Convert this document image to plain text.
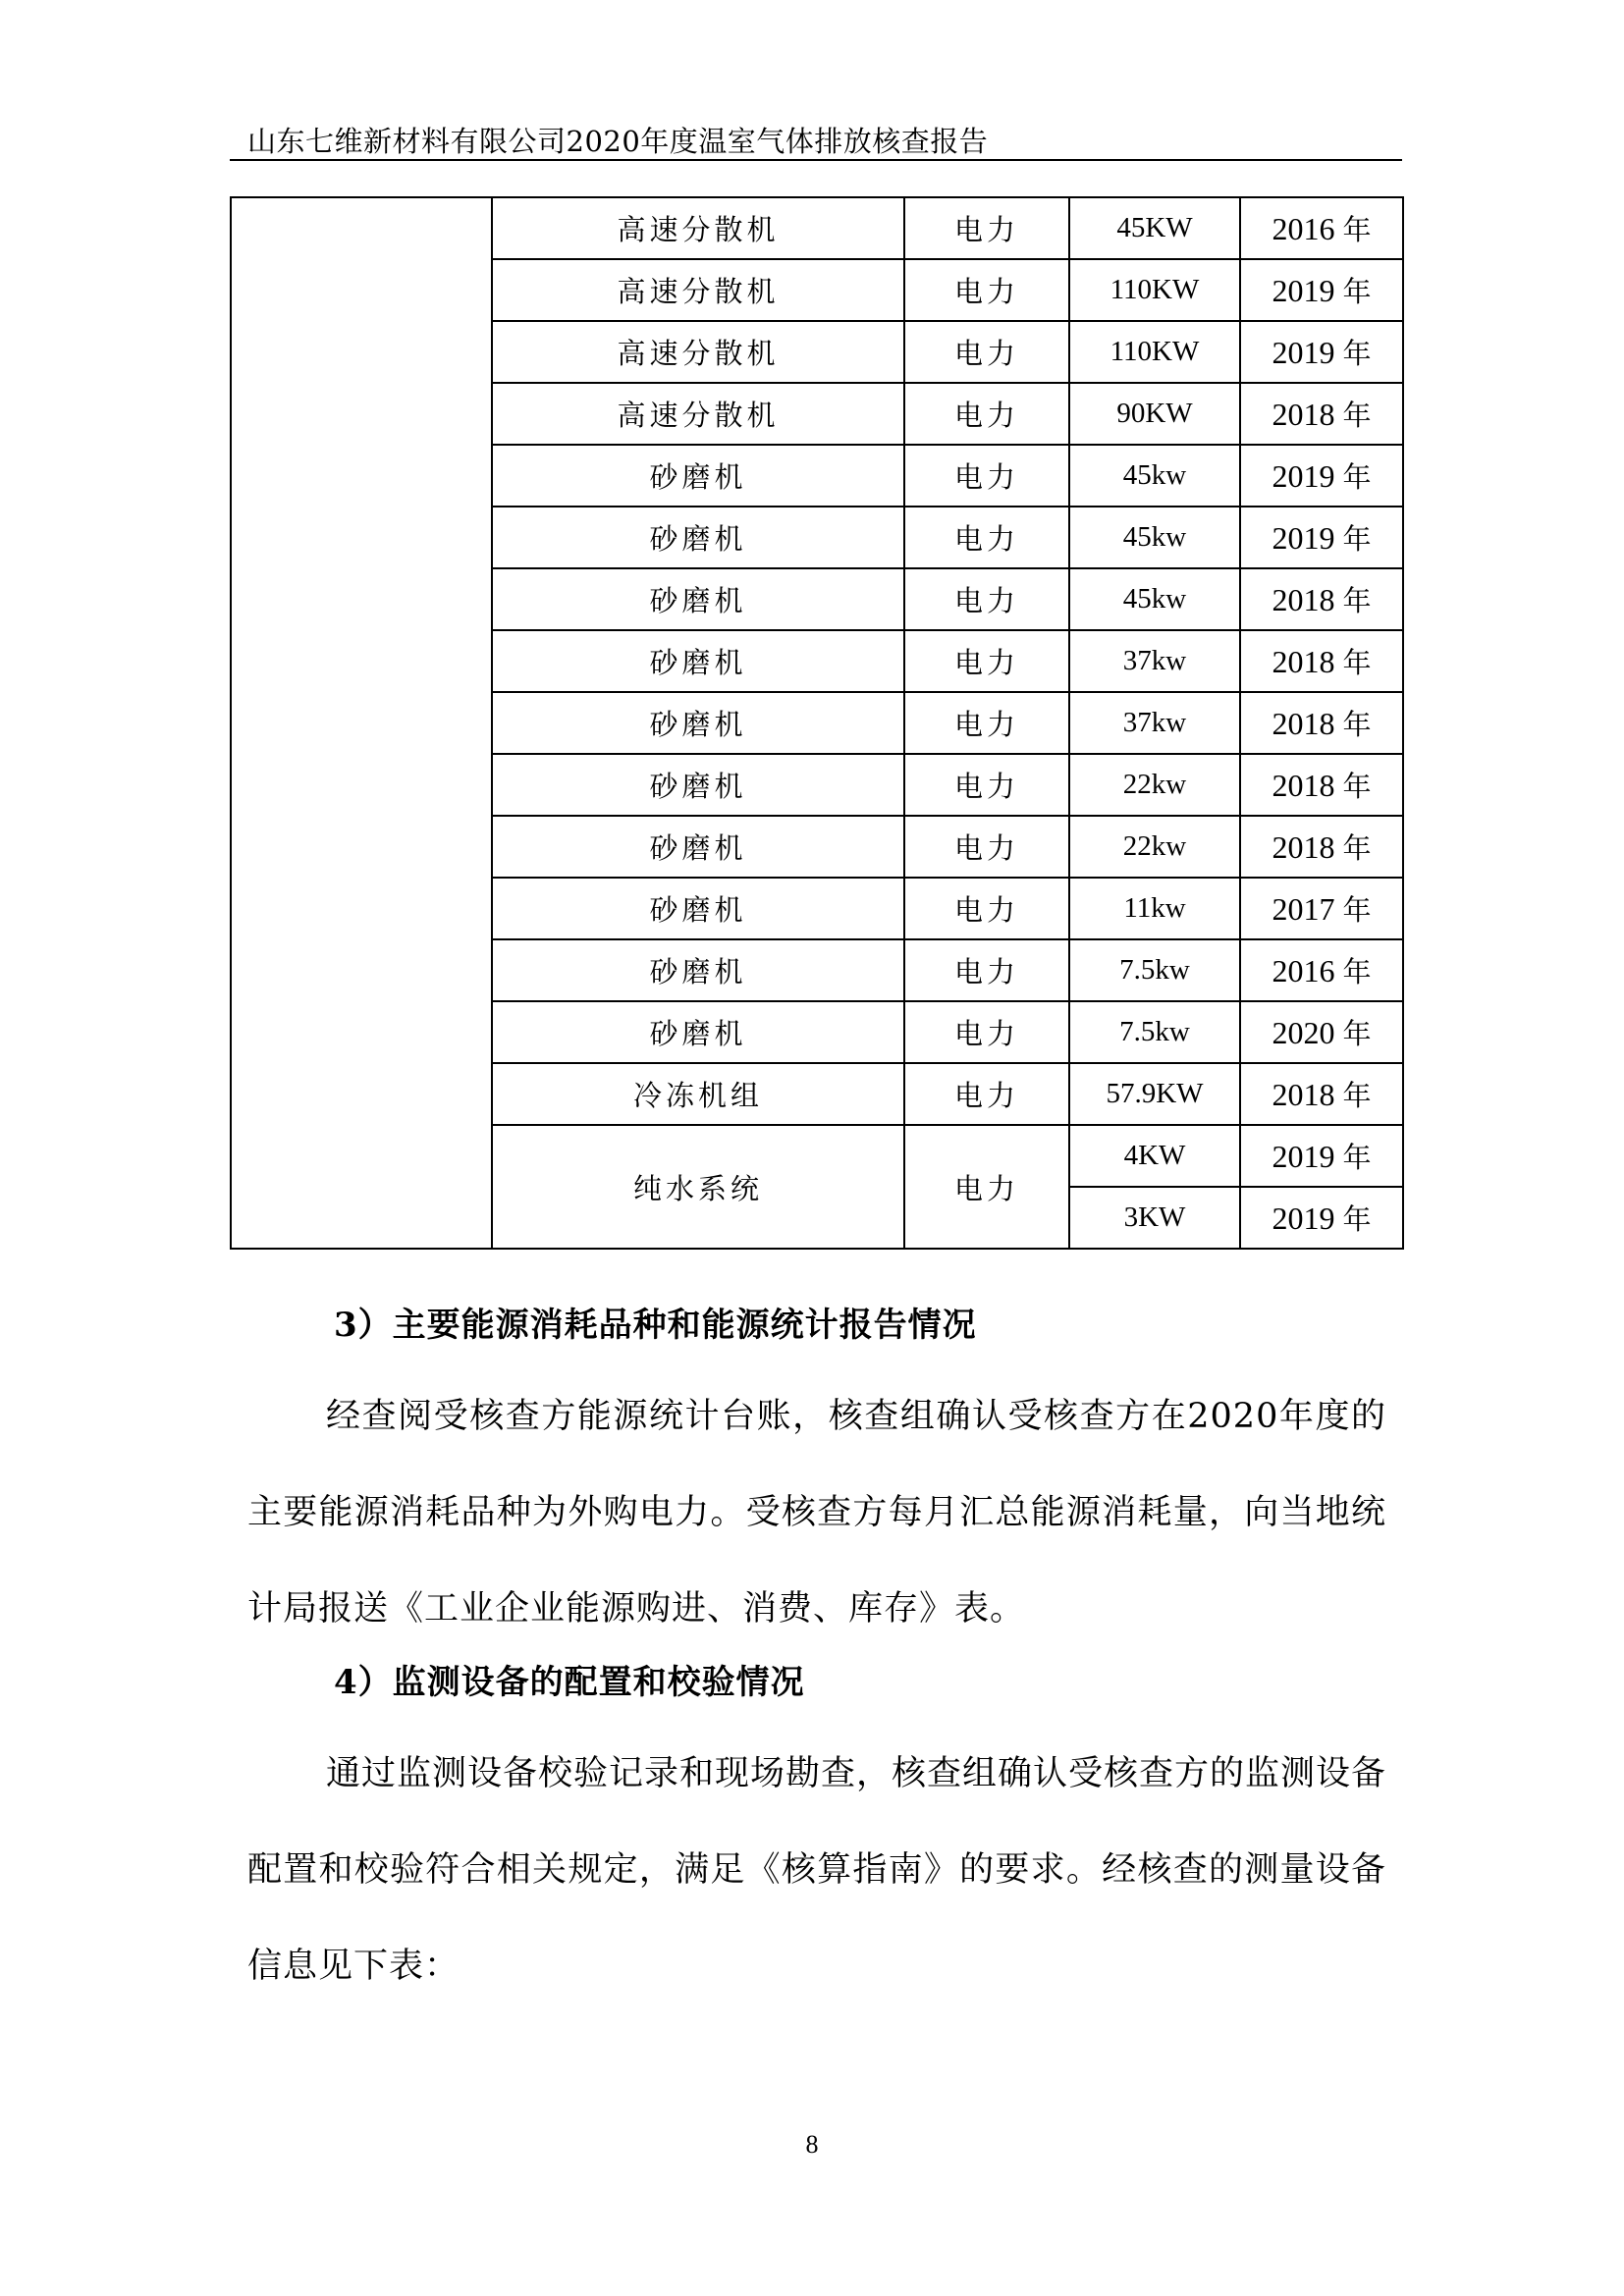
山东七维新材料有限公司2020年度温室气体排放核查报告
	高速分散机	电力	45KW	2016 年
	高速分散机	电力	110KW	2019 年
	高速分散机	电力	110KW	2019 年
	高速分散机	电力	90KW	2018 年
	砂磨机	电力	45kw	2019 年
	砂磨机	电力	45kw	2019 年
	砂磨机	电力	45kw	2018 年
	砂磨机	电力	37kw	2018 年
	砂磨机	电力	37kw	2018 年
	砂磨机	电力	22kw	2018 年
	砂磨机	电力	22kw	2018 年
	砂磨机	电力	11kw	2017 年
	砂磨机	电力	7.5kw	2016 年
	砂磨机	电力	7.5kw	2020 年
	冷冻机组	电力	57.9KW	2018 年
	纯水系统	电力	4KW	2019 年
			3KW	2019 年
3）主要能源消耗品种和能源统计报告情况
经查阅受核查方能源统计台账，核查组确认受核查方在2020年度的主要能源消耗品种为外购电力。受核查方每月汇总能源消耗量，向当地统计局报送《工业企业能源购进、消费、库存》表。
4）监测设备的配置和校验情况
通过监测设备校验记录和现场勘查，核查组确认受核查方的监测设备配置和校验符合相关规定，满足《核算指南》的要求。经核查的测量设备信息见下表：
8
